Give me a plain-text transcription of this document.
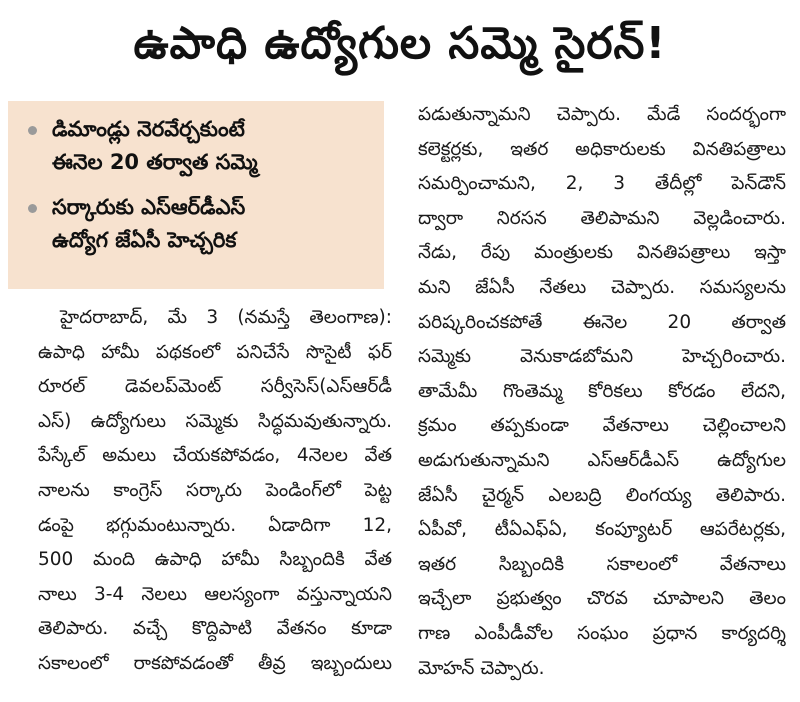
ఉపాధి ఉద్యోగుల సమ్మె సైరన్!
డిమాండ్లు నెరవేర్చకుంటే
ఈనెల 20 తర్వాత సమ్మె
సర్కారుకు ఎస్ఆర్‌డీఎస్
ఉద్యోగ జేఏసీ హెచ్చరిక
హైదరాబాద్, మే 3 (నమస్తే తెలంగాణ):
ఉపాధి హామీ పథకంలో పనిచేసే సొసైటీ ఫర్
రూరల్ డెవలప్‌మెంట్ సర్వీసెస్(ఎస్ఆర్‌డీ
ఎస్) ఉద్యోగులు సమ్మెకు సిద్ధమవుతున్నారు.
పేస్కేల్ అమలు చేయకపోవడం, 4నెలల వేత
నాలను కాంగ్రెస్ సర్కారు పెండింగ్‌లో పెట్ట
డంపై భగ్గుమంటున్నారు. ఏడాదిగా 12,
500 మంది ఉపాధి హామీ సిబ్బందికి వేత
నాలు 3-4 నెలలు ఆలస్యంగా వస్తున్నాయని
తెలిపారు. వచ్చే కొద్దిపాటి వేతనం కూడా
సకాలంలో రాకపోవడంతో తీవ్ర ఇబ్బందులు
పడుతున్నామని చెప్పారు. మేడే సందర్భంగా
కలెక్టర్లకు, ఇతర అధికారులకు వినతిపత్రాలు
సమర్పించామని, 2, 3 తేదీల్లో పెన్‌డౌన్
ద్వారా నిరసన తెలిపామని వెల్లడించారు.
నేడు, రేపు మంత్రులకు వినతిపత్రాలు ఇస్తా
మని జేఏసీ నేతలు చెప్పారు. సమస్యలను
పరిష్కరించకపోతే ఈనెల 20 తర్వాత
సమ్మెకు వెనుకాడబోమని హెచ్చరించారు.
తామేమీ గొంతెమ్మ కోరికలు కోరడం లేదని,
క్రమం తప్పకుండా వేతనాలు చెల్లించాలని
అడుగుతున్నామని ఎస్ఆర్‌డీఎస్ ఉద్యోగుల
జేఏసీ చైర్మన్ ఎలబద్రి లింగయ్య తెలిపారు.
ఏపీవో, టీఏఎఫ్ఏ, కంప్యూటర్ ఆపరేటర్లకు,
ఇతర సిబ్బందికి సకాలంలో వేతనాలు
ఇచ్చేలా ప్రభుత్వం చొరవ చూపాలని తెలం
గాణ ఎంపీడీవోల సంఘం ప్రధాన కార్యదర్శి
మోహన్ చెప్పారు.
